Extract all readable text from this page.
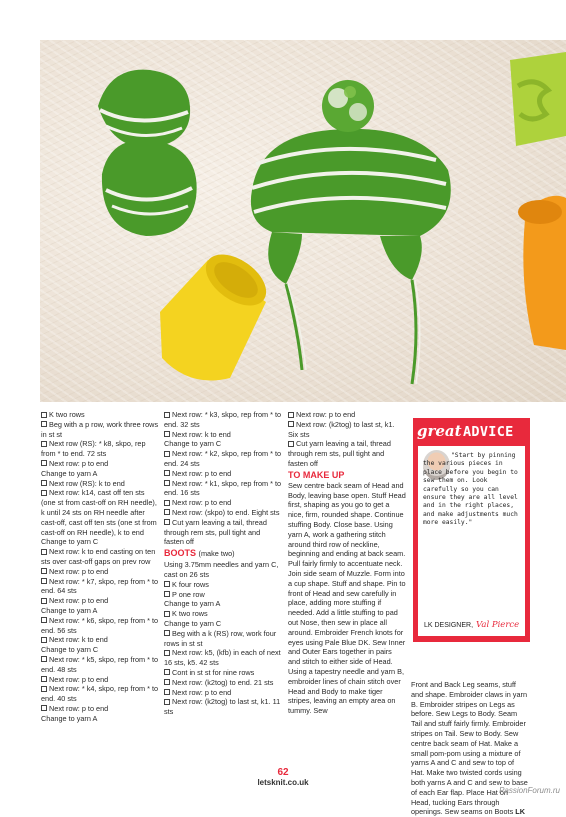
K two rows

Beg with a p row, work three rows in st st

Next row (RS): * k8, skpo, rep from * to end. 72 sts

Next row: p to end

Change to yarn A

Next row (RS): k to end

Next row: k14, cast off ten sts (one st from cast-off on RH needle), k until 24 sts on RH needle after cast-off, cast off ten sts (one st from cast-off on RH needle), k to end

Change to yarn C

Next row: k to end casting on ten sts over cast-off gaps on prev row

Next row: p to end

Next row: * k7, skpo, rep from * to end. 64 sts

Next row: p to end

Change to yarn A

Next row: * k6, skpo, rep from * to end. 56 sts

Next row: k to end

Change to yarn C

Next row: * k5, skpo, rep from * to end. 48 sts

Next row: p to end

Next row: * k4, skpo, rep from * to end. 40 sts

Next row: p to end

Change to yarn A

Next row: * k3, skpo, rep from * to end. 32 sts

Next row: k to end

Change to yarn C

Next row: * k2, skpo, rep from * to end. 24 sts

Next row: p to end

Next row: * k1, skpo, rep from * to end. 16 sts

Next row: p to end

Next row: (skpo) to end. Eight sts

Cut yarn leaving a tail, thread through rem sts, pull tight and fasten off

BOOTS (make two)

Using 3.75mm needles and yarn C, cast on 26 sts

K four rows

P one row

Change to yarn A

K two rows

Change to yarn C

Beg with a k (RS) row, work four rows in st st

Next row: k5, (kfb) in each of next 16 sts, k5. 42 sts

Cont in st st for nine rows

Next row: (k2tog) to end. 21 sts

Next row: p to end

Next row: (k2tog) to last st, k1. 11 sts

Next row: p to end

Next row: (k2tog) to last st, k1. Six sts

Cut yarn leaving a tail, thread through rem sts, pull tight and fasten off

TO MAKE UP

Sew centre back seam of Head and Body, leaving base open. Stuff Head first, shaping as you go to get a nice, firm, rounded shape. Continue stuffing Body. Close base. Using yarn A, work a gathering stitch around third row of neckline, beginning and ending at back seam. Pull fairly firmly to accentuate neck. Join side seam of Muzzle. Form into a cup shape. Stuff and shape. Pin to front of Head and sew carefully in place, adding more stuffing if needed. Add a little stuffing to pad out Nose, then sew in place all around. Embroider French knots for eyes using Pale Blue DK. Sew Inner and Outer Ears together in pairs and stitch to either side of Head. Using a tapestry needle and yarn B, embroider lines of chain stitch over Head and Body to make tiger stripes, leaving an empty area on tummy. Sew

great ADVICE

"Start by pinning the various pieces in place before you begin to sew them on. Look carefully so you can ensure they are all level and in the right places, and make adjustments much more easily."

LK DESIGNER, Val Pierce

Front and Back Leg seams, stuff and shape. Embroider claws in yarn B. Embroider stripes on Legs as before. Sew Legs to Body. Seam Tail and stuff fairly firmly. Embroider stripes on Tail. Sew to Body. Sew centre back seam of Hat. Make a small pom-pom using a mixture of yarns A and C and sew to top of Hat. Make two twisted cords using both yarns A and C and sew to base of each Ear flap. Place Hat on Head, tucking Ears through openings. Sew seams on Boots LK

62
letsknit.co.uk
PassionForum.ru
